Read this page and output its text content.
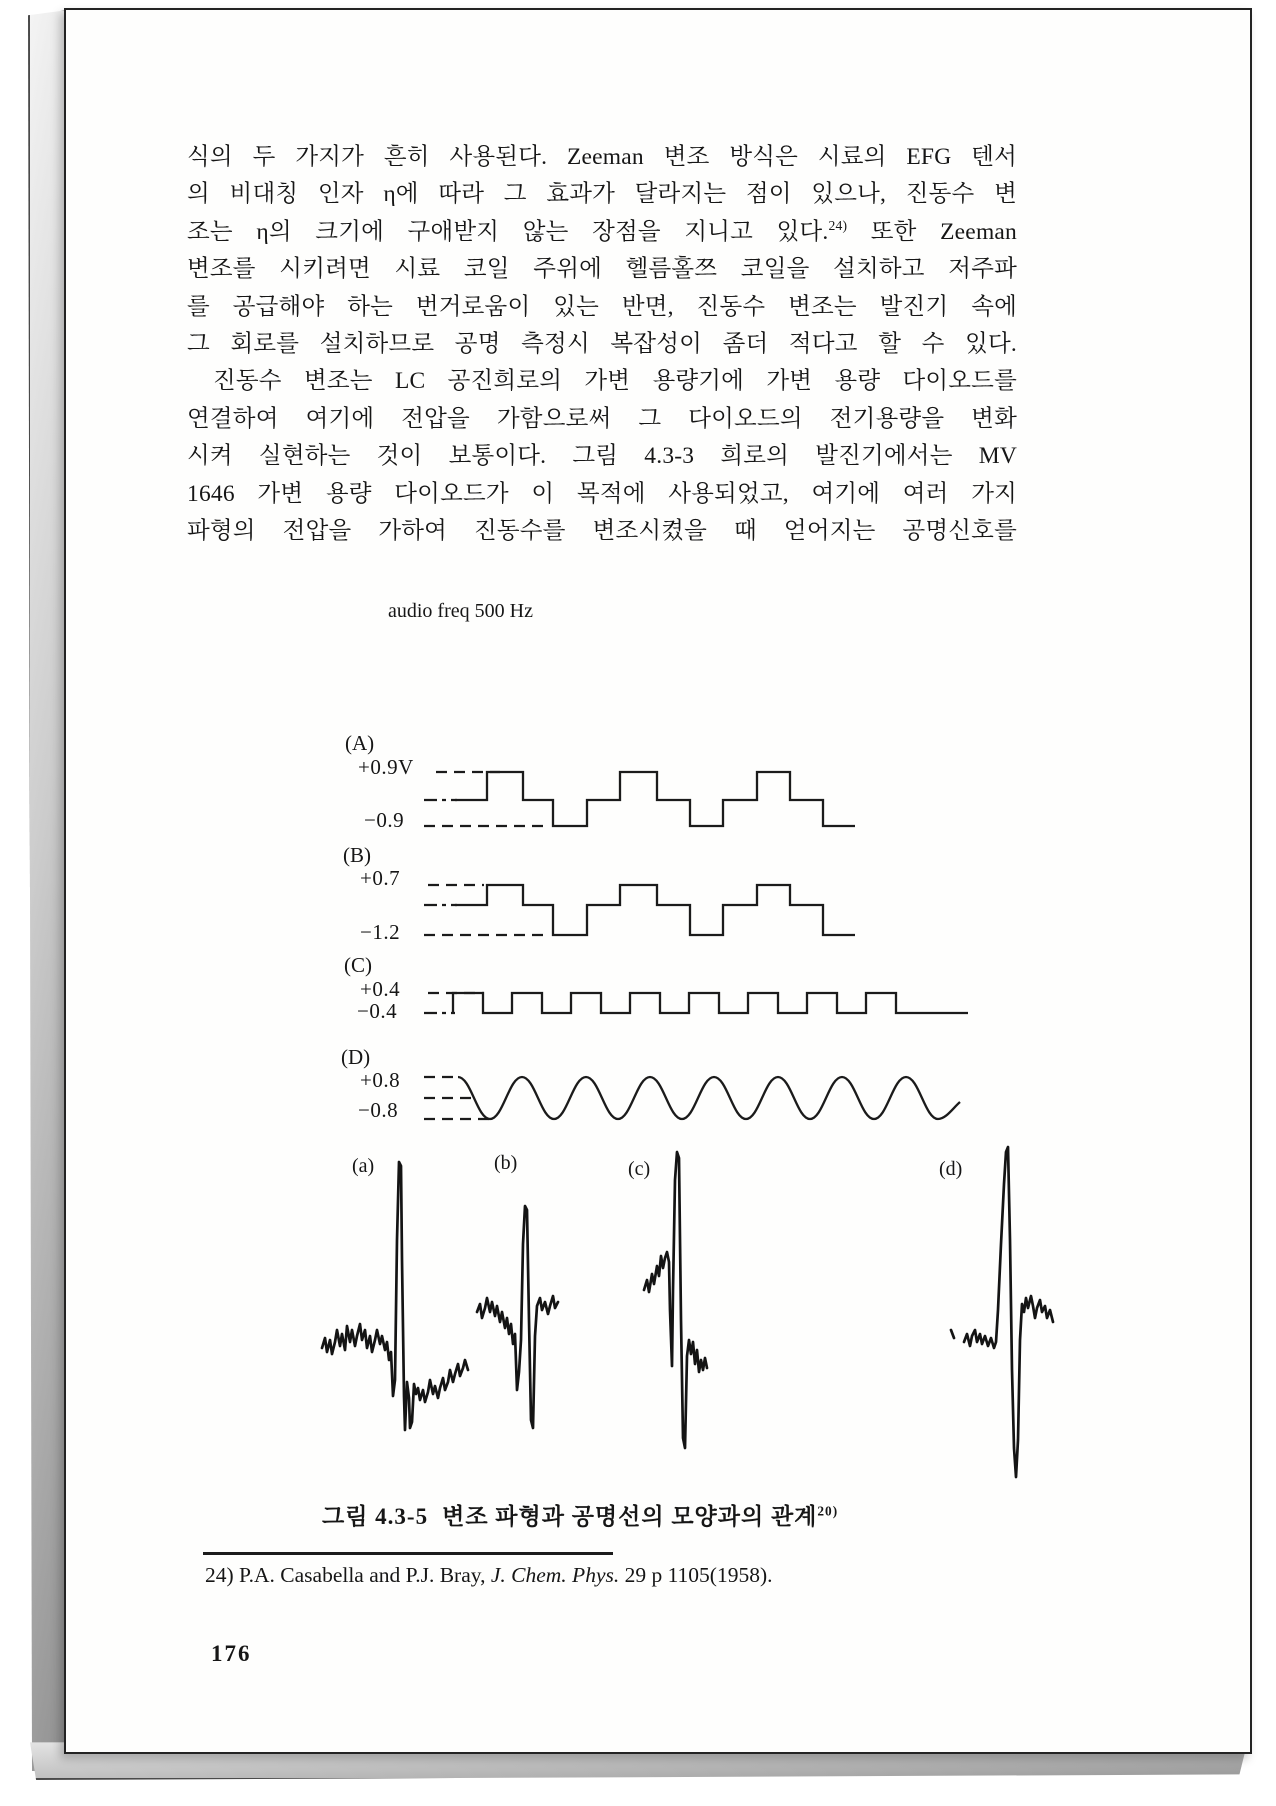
식의 두 가지가 흔히 사용된다. Zeeman 변조 방식은 시료의 EFG 텐서
의 비대칭 인자 η에 따라 그 효과가 달라지는 점이 있으나, 진동수 변
조는 η의 크기에 구애받지 않는 장점을 지니고 있다.$^{24)}$ 또한 Zeeman
변조를 시키려면 시료 코일 주위에 헬름홀쯔 코일을 설치하고 저주파
를 공급해야 하는 번거로움이 있는 반면, 진동수 변조는 발진기 속에
그 회로를 설치하므로 공명 측정시 복잡성이 좀더 적다고 할 수 있다.
진동수 변조는 LC 공진희로의 가변 용량기에 가변 용량 다이오드를
연결하여 여기에 전압을 가함으로써 그 다이오드의 전기용량을 변화
시켜 실현하는 것이 보통이다. 그림 4.3-3 희로의 발진기에서는 MV
1646 가변 용량 다이오드가 이 목적에 사용되었고, 여기에 여러 가지
파형의 전압을 가하여 진동수를 변조시켰을 때 얻어지는 공명신호를
audio freq 500 Hz
(A)
+0.9V
−0.9
(B)
+0.7
−1.2
(C)
+0.4
−0.4
(D)
+0.8
−0.8
(a)	(b)	(c)	(d)
그림 4.3-5 변조 파형과 공명선의 모양과의 관계$^{20)}$
24) P.A. Casabella and P.J. Bray, J. Chem. Phys. 29 p 1105(1958).
176
